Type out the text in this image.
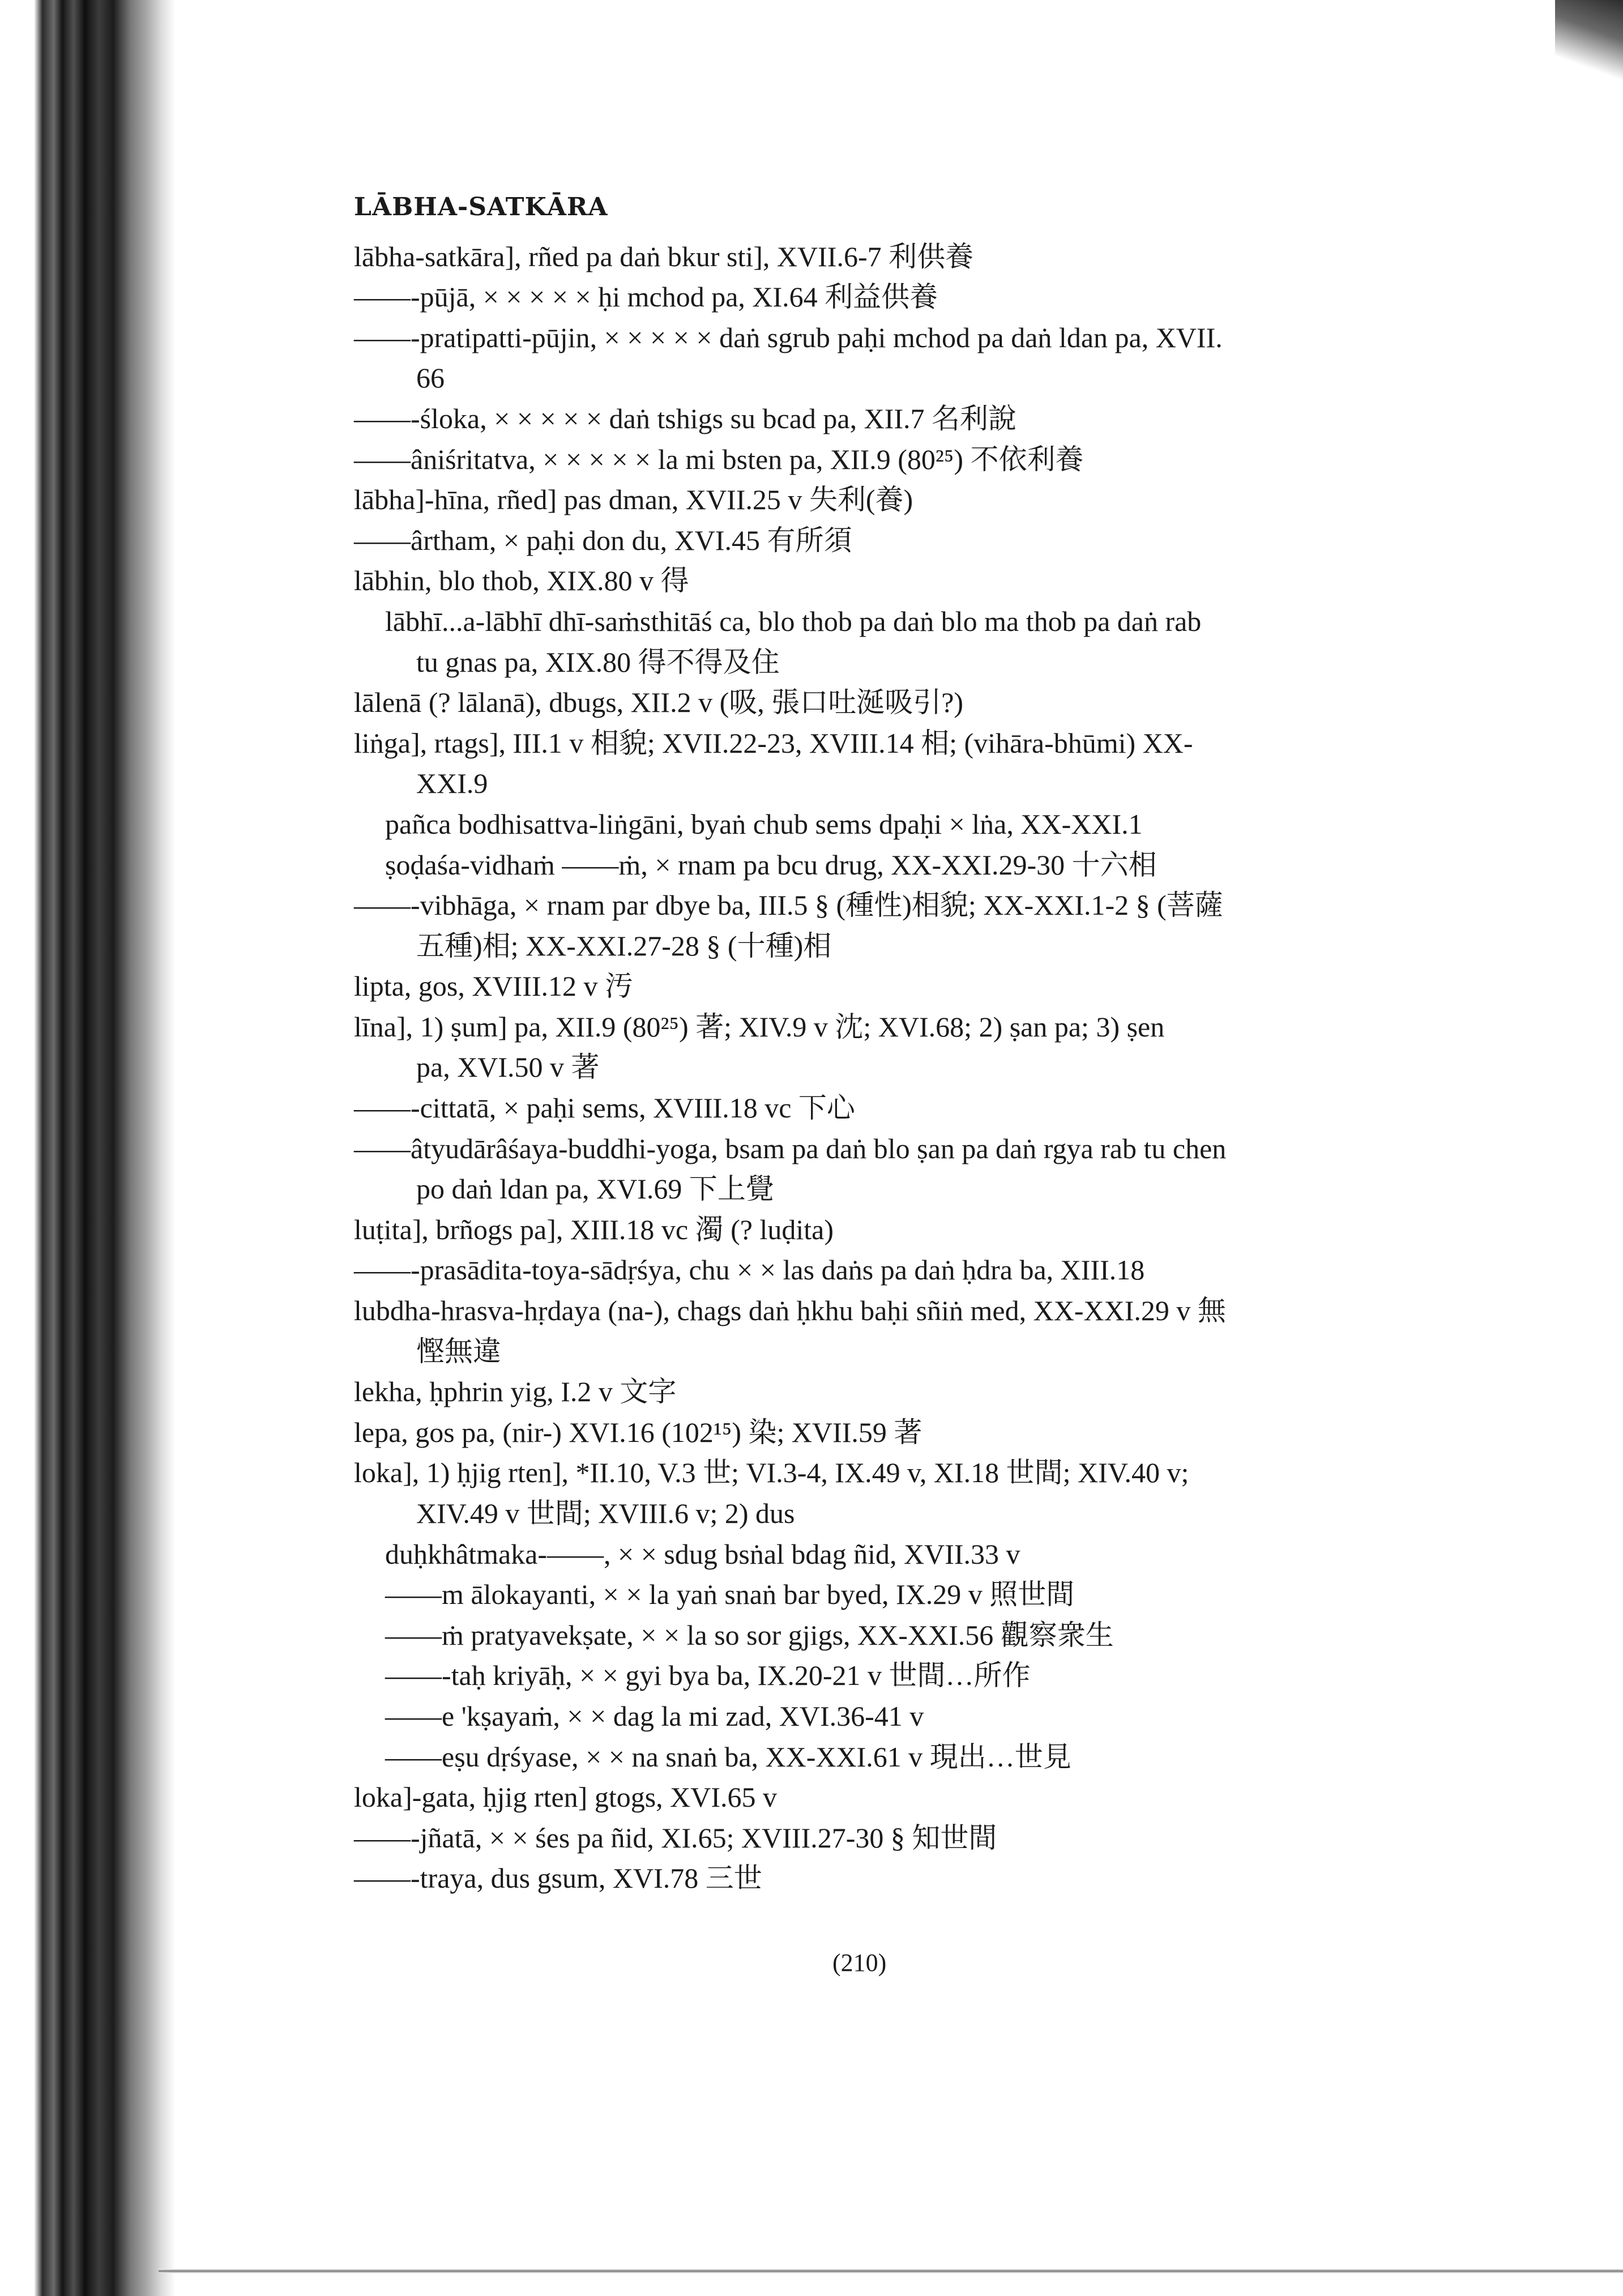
LĀBHA-SATKĀRA
lābha-satkāra], rñed pa daṅ bkur sti], XVII.6-7 利供養
——-pūjā, × × × × × ḥi mchod pa, XI.64 利益供養
——-pratipatti-pūjin, × × × × × daṅ sgrub paḥi mchod pa daṅ ldan pa, XVII.
66
——-śloka, × × × × × daṅ tshigs su bcad pa, XII.7 名利說
——âniśritatva, × × × × × la mi bsten pa, XII.9 (80²⁵) 不依利養
lābha]-hīna, rñed] pas dman, XVII.25 v 失利(養)
——ârtham, × paḥi don du, XVI.45 有所須
lābhin, blo thob, XIX.80 v 得
lābhī...a-lābhī dhī-saṁsthitāś ca, blo thob pa daṅ blo ma thob pa daṅ rab
tu gnas pa, XIX.80 得不得及住
lālenā (? lālanā), dbugs, XII.2 v (吸, 張口吐涎吸引?)
liṅga], rtags], III.1 v 相貌; XVII.22-23, XVIII.14 相; (vihāra-bhūmi) XX-
XXI.9
pañca bodhisattva-liṅgāni, byaṅ chub sems dpaḥi × lṅa, XX-XXI.1
ṣoḍaśa-vidhaṁ ——ṁ, × rnam pa bcu drug, XX-XXI.29-30 十六相
——-vibhāga, × rnam par dbye ba, III.5 § (種性)相貌; XX-XXI.1-2 § (菩薩
五種)相; XX-XXI.27-28 § (十種)相
lipta, gos, XVIII.12 v 汚
līna], 1) ṣum] pa, XII.9 (80²⁵) 著; XIV.9 v 沈; XVI.68; 2) ṣan pa; 3) ṣen
pa, XVI.50 v 著
——-cittatā, × paḥi sems, XVIII.18 vc 下心
——âtyudārâśaya-buddhi-yoga, bsam pa daṅ blo ṣan pa daṅ rgya rab tu chen
po daṅ ldan pa, XVI.69 下上覺
luṭita], brñogs pa], XIII.18 vc 濁 (? luḍita)
——-prasādita-toya-sādṛśya, chu × × las daṅs pa daṅ ḥdra ba, XIII.18
lubdha-hrasva-hṛdaya (na-), chags daṅ ḥkhu baḥi sñiṅ med, XX-XXI.29 v 無
慳無違
lekha, ḥphrin yig, I.2 v 文字
lepa, gos pa, (nir-) XVI.16 (102¹⁵) 染; XVII.59 著
loka], 1) ḥjig rten], *II.10, V.3 世; VI.3-4, IX.49 v, XI.18 世間; XIV.40 v;
XIV.49 v 世間; XVIII.6 v; 2) dus
duḥkhâtmaka-——, × × sdug bsṅal bdag ñid, XVII.33 v
——m ālokayanti, × × la yaṅ snaṅ bar byed, IX.29 v 照世間
——ṁ pratyavekṣate, × × la so sor gjigs, XX-XXI.56 觀察衆生
——-taḥ kriyāḥ, × × gyi bya ba, IX.20-21 v 世間…所作
——e 'kṣayaṁ, × × dag la mi zad, XVI.36-41 v
——eṣu dṛśyase, × × na snaṅ ba, XX-XXI.61 v 現出…世見
loka]-gata, ḥjig rten] gtogs, XVI.65 v
——-jñatā, × × śes pa ñid, XI.65; XVIII.27-30 § 知世間
——-traya, dus gsum, XVI.78 三世
(210)
